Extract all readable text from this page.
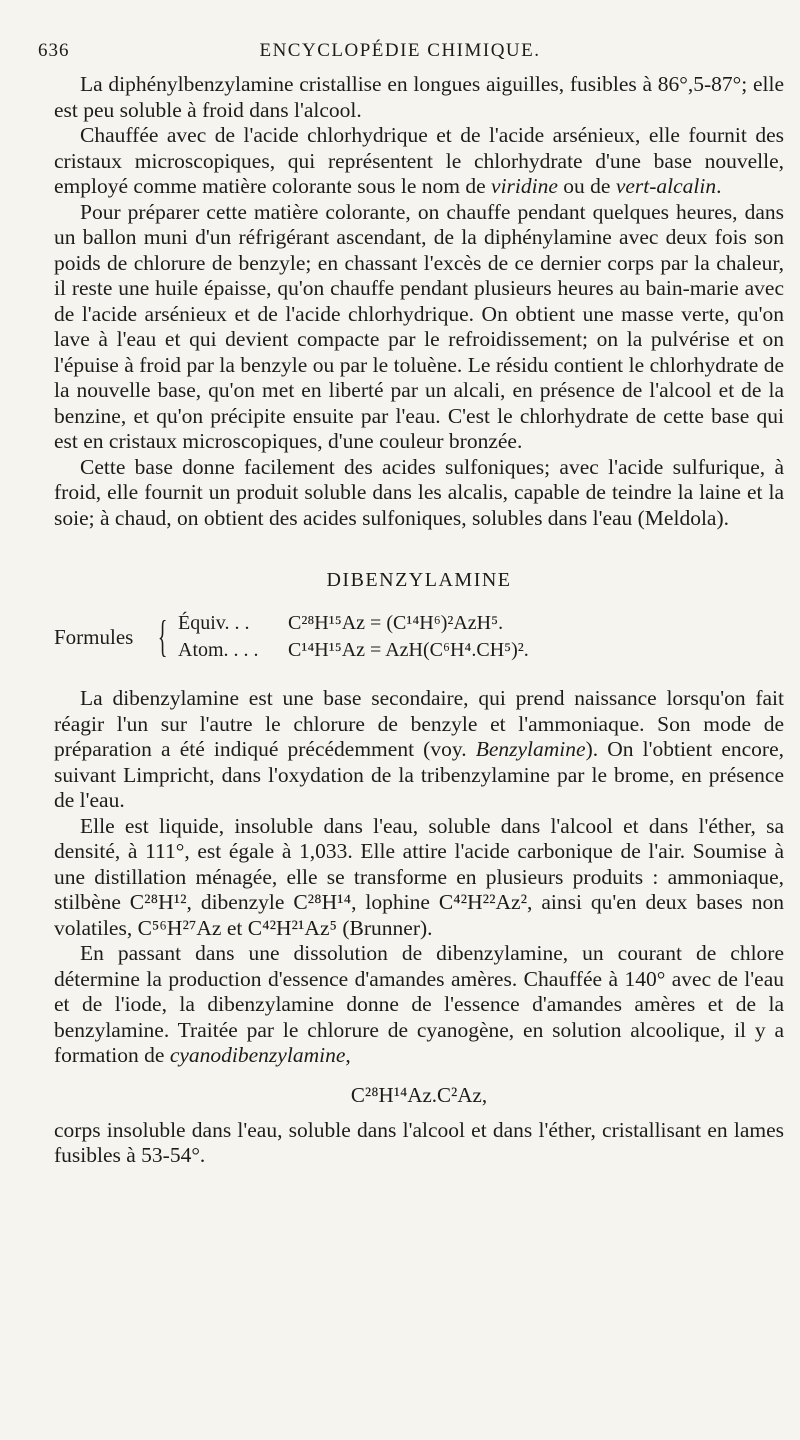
636	ENCYCLOPÉDIE CHIMIQUE.

La diphénylbenzylamine cristallise en longues aiguilles, fusibles à 86°,5-87°; elle est peu soluble à froid dans l'alcool.

Chauffée avec de l'acide chlorhydrique et de l'acide arsénieux, elle fournit des cristaux microscopiques, qui représentent le chlorhydrate d'une base nouvelle, employé comme matière colorante sous le nom de viridine ou de vert-alcalin.

Pour préparer cette matière colorante, on chauffe pendant quelques heures, dans un ballon muni d'un réfrigérant ascendant, de la diphénylamine avec deux fois son poids de chlorure de benzyle; en chassant l'excès de ce dernier corps par la chaleur, il reste une huile épaisse, qu'on chauffe pendant plusieurs heures au bain-marie avec de l'acide arsénieux et de l'acide chlorhydrique. On obtient une masse verte, qu'on lave à l'eau et qui devient compacte par le refroidissement; on la pulvérise et on l'épuise à froid par la benzyle ou par le toluène. Le résidu contient le chlorhydrate de la nouvelle base, qu'on met en liberté par un alcali, en présence de l'alcool et de la benzine, et qu'on précipite ensuite par l'eau. C'est le chlorhydrate de cette base qui est en cristaux microscopiques, d'une couleur bronzée.

Cette base donne facilement des acides sulfoniques; avec l'acide sulfurique, à froid, elle fournit un produit soluble dans les alcalis, capable de teindre la laine et la soie; à chaud, on obtient des acides sulfoniques, solubles dans l'eau (Meldola).

DIBENZYLAMINE
Formules { Équiv. . .	C²⁸H¹⁵Az = (C¹⁴H⁶)²AzH⁵.
Atom. . . .	C¹⁴H¹⁵Az = AzH(C⁶H⁴.CH⁵)².

La dibenzylamine est une base secondaire, qui prend naissance lorsqu'on fait réagir l'un sur l'autre le chlorure de benzyle et l'ammoniaque. Son mode de préparation a été indiqué précédemment (voy. Benzylamine). On l'obtient encore, suivant Limpricht, dans l'oxydation de la tribenzylamine par le brome, en présence de l'eau.

Elle est liquide, insoluble dans l'eau, soluble dans l'alcool et dans l'éther, sa densité, à 111°, est égale à 1,033. Elle attire l'acide carbonique de l'air. Soumise à une distillation ménagée, elle se transforme en plusieurs produits : ammoniaque, stilbène C²⁸H¹², dibenzyle C²⁸H¹⁴, lophine C⁴²H²²Az², ainsi qu'en deux bases non volatiles, C⁵⁶H²⁷Az et C⁴²H²¹Az⁵ (Brunner).

En passant dans une dissolution de dibenzylamine, un courant de chlore détermine la production d'essence d'amandes amères. Chauffée à 140° avec de l'eau et de l'iode, la dibenzylamine donne de l'essence d'amandes amères et de la benzylamine. Traitée par le chlorure de cyanogène, en solution alcoolique, il y a formation de cyanodibenzylamine,

C²⁸H¹⁴Az.C²Az,

corps insoluble dans l'eau, soluble dans l'alcool et dans l'éther, cristallisant en lames fusibles à 53-54°.
